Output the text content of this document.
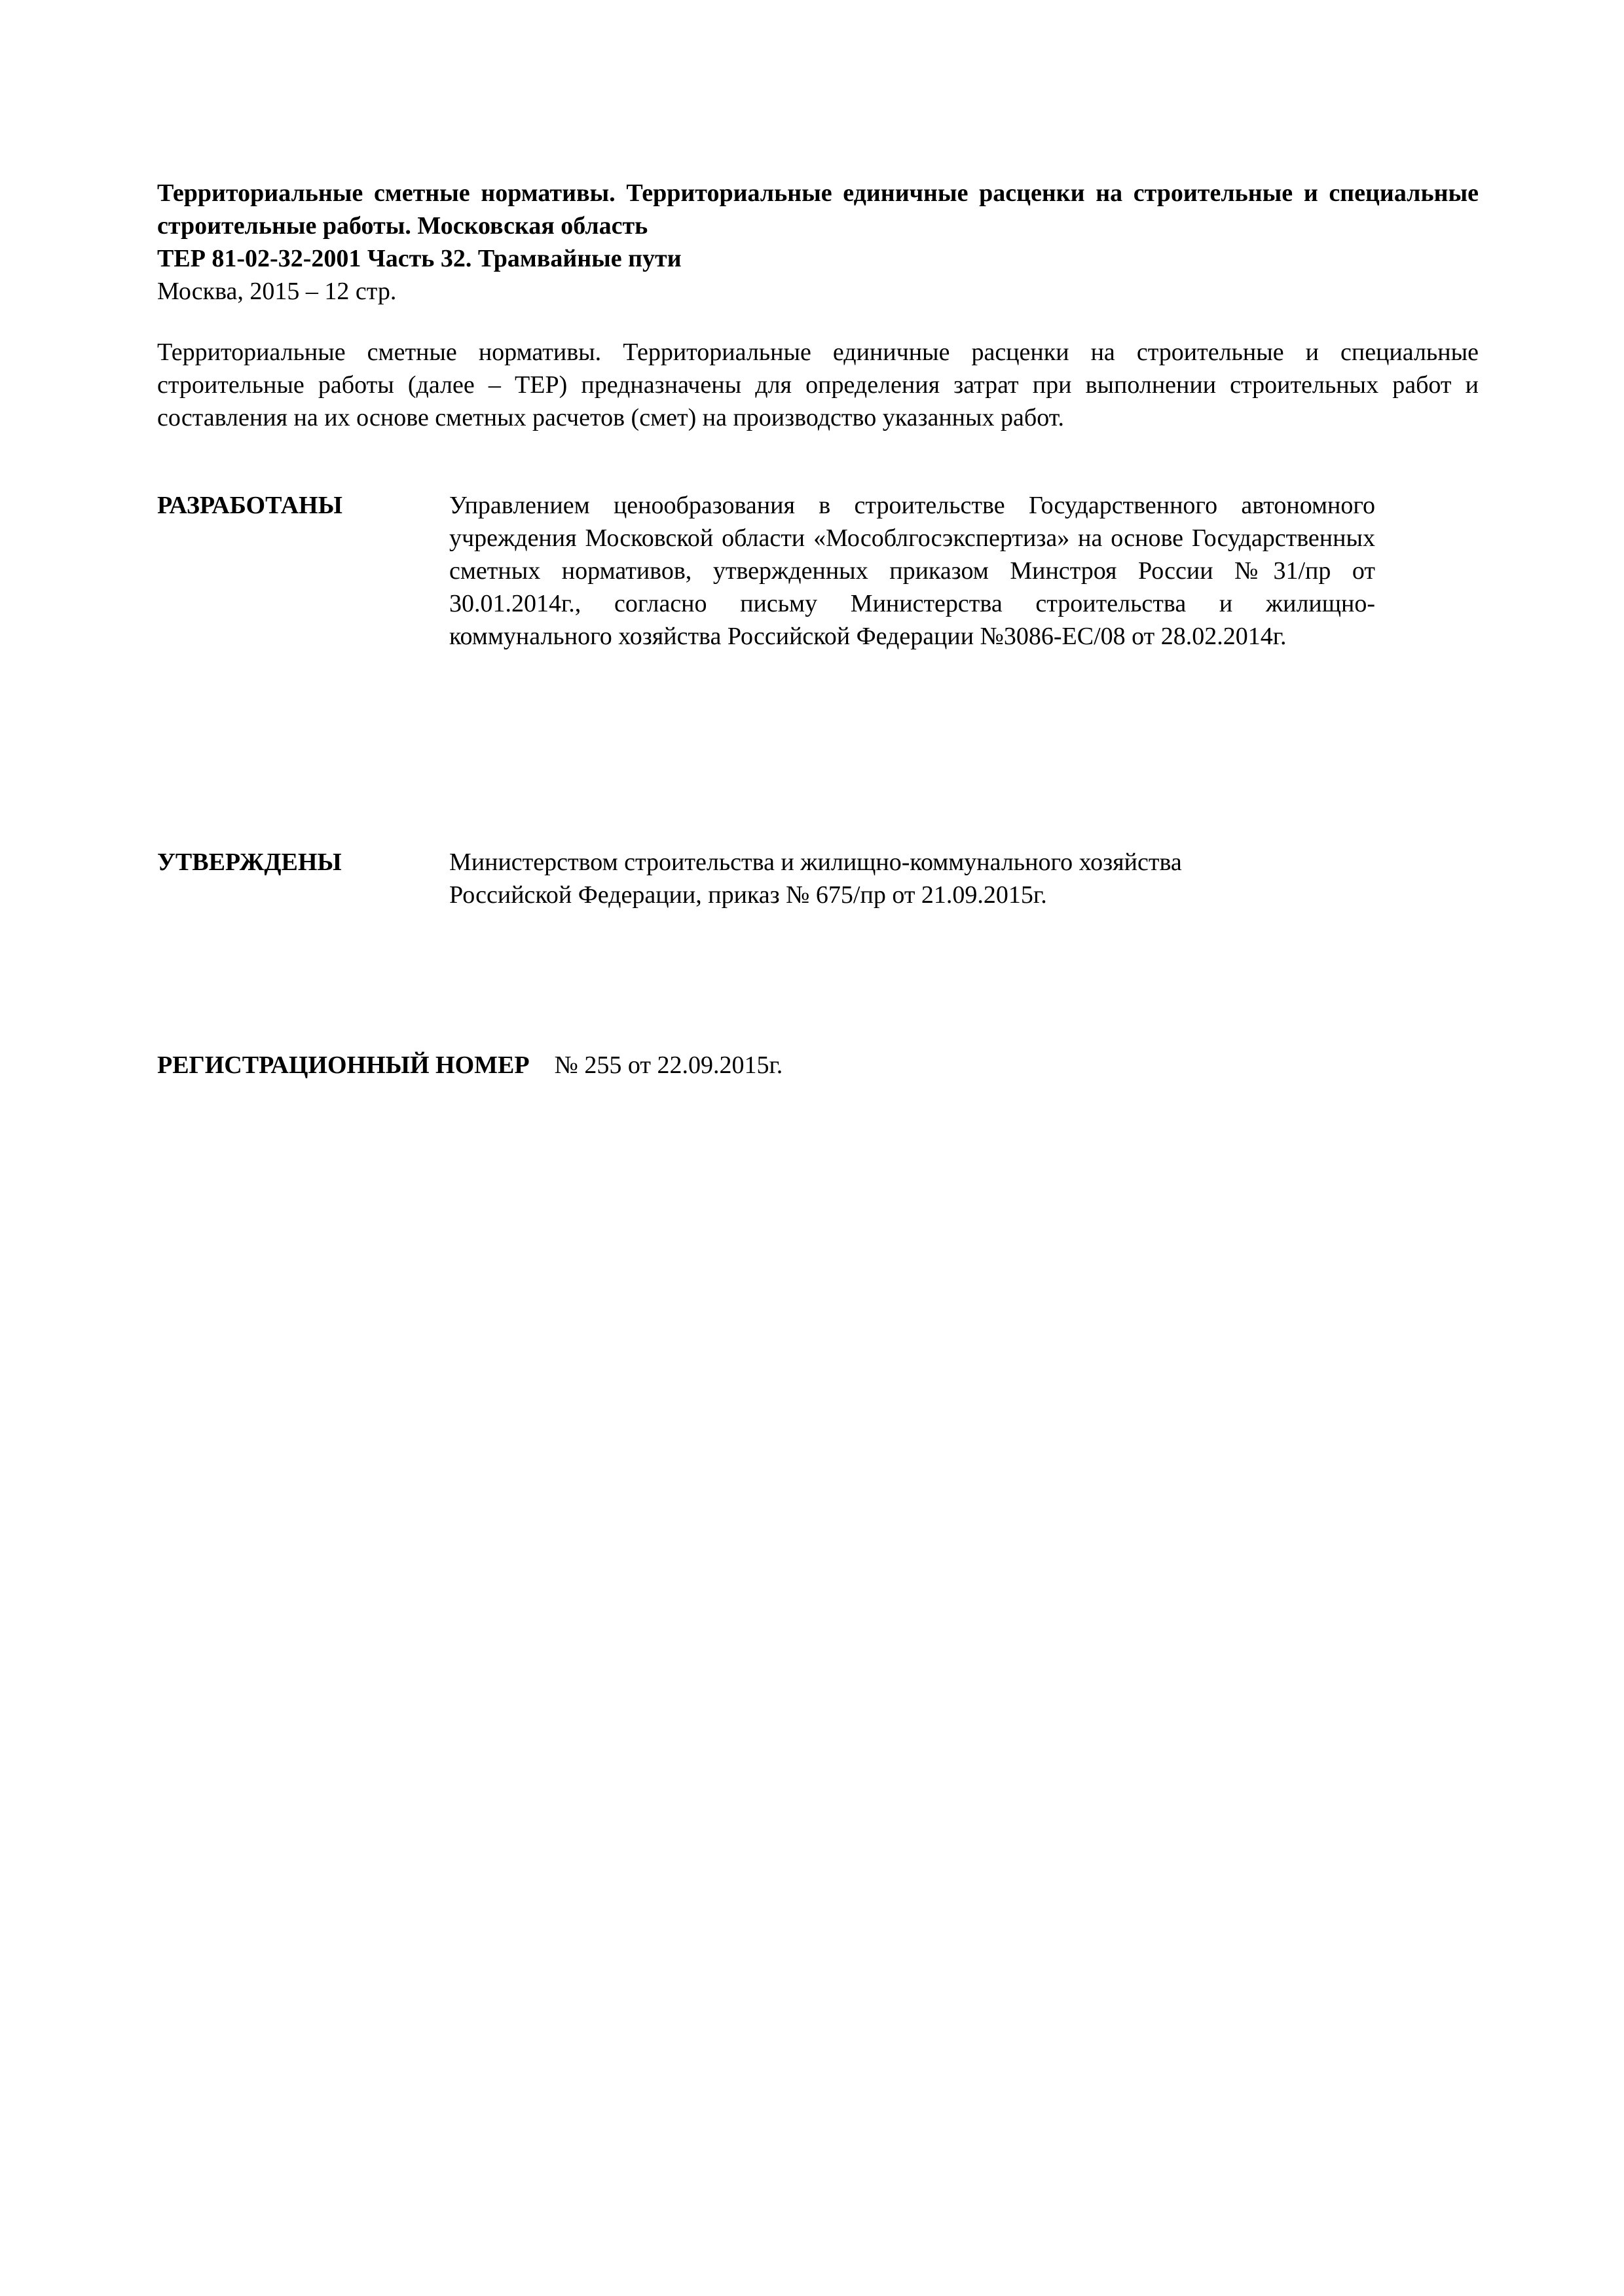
Территориальные сметные нормативы. Территориальные единичные расценки на строительные и специальные строительные работы. Московская область
ТЕР 81-02-32-2001 Часть 32. Трамвайные пути
Москва, 2015 – 12 стр.
Территориальные сметные нормативы. Территориальные единичные расценки на строительные и специальные строительные работы (далее – ТЕР) предназначены для определения затрат при выполнении строительных работ и составления на их основе сметных расчетов (смет) на производство указанных работ.
РАЗРАБОТАНЫ	Управлением ценообразования в строительстве Государственного автономного учреждения Московской области «Мособлгосэкспертиза» на основе Государственных сметных нормативов, утвержденных приказом Минстроя России №31/пр от 30.01.2014г., согласно письму Министерства строительства и жилищно-коммунального хозяйства Российской Федерации №3086-ЕС/08 от 28.02.2014г.
УТВЕРЖДЕНЫ	Министерством строительства и жилищно-коммунального хозяйства
Российской Федерации, приказ № 675/пр от 21.09.2015г.
РЕГИСТРАЦИОННЫЙ НОМЕР № 255 от 22.09.2015г.
